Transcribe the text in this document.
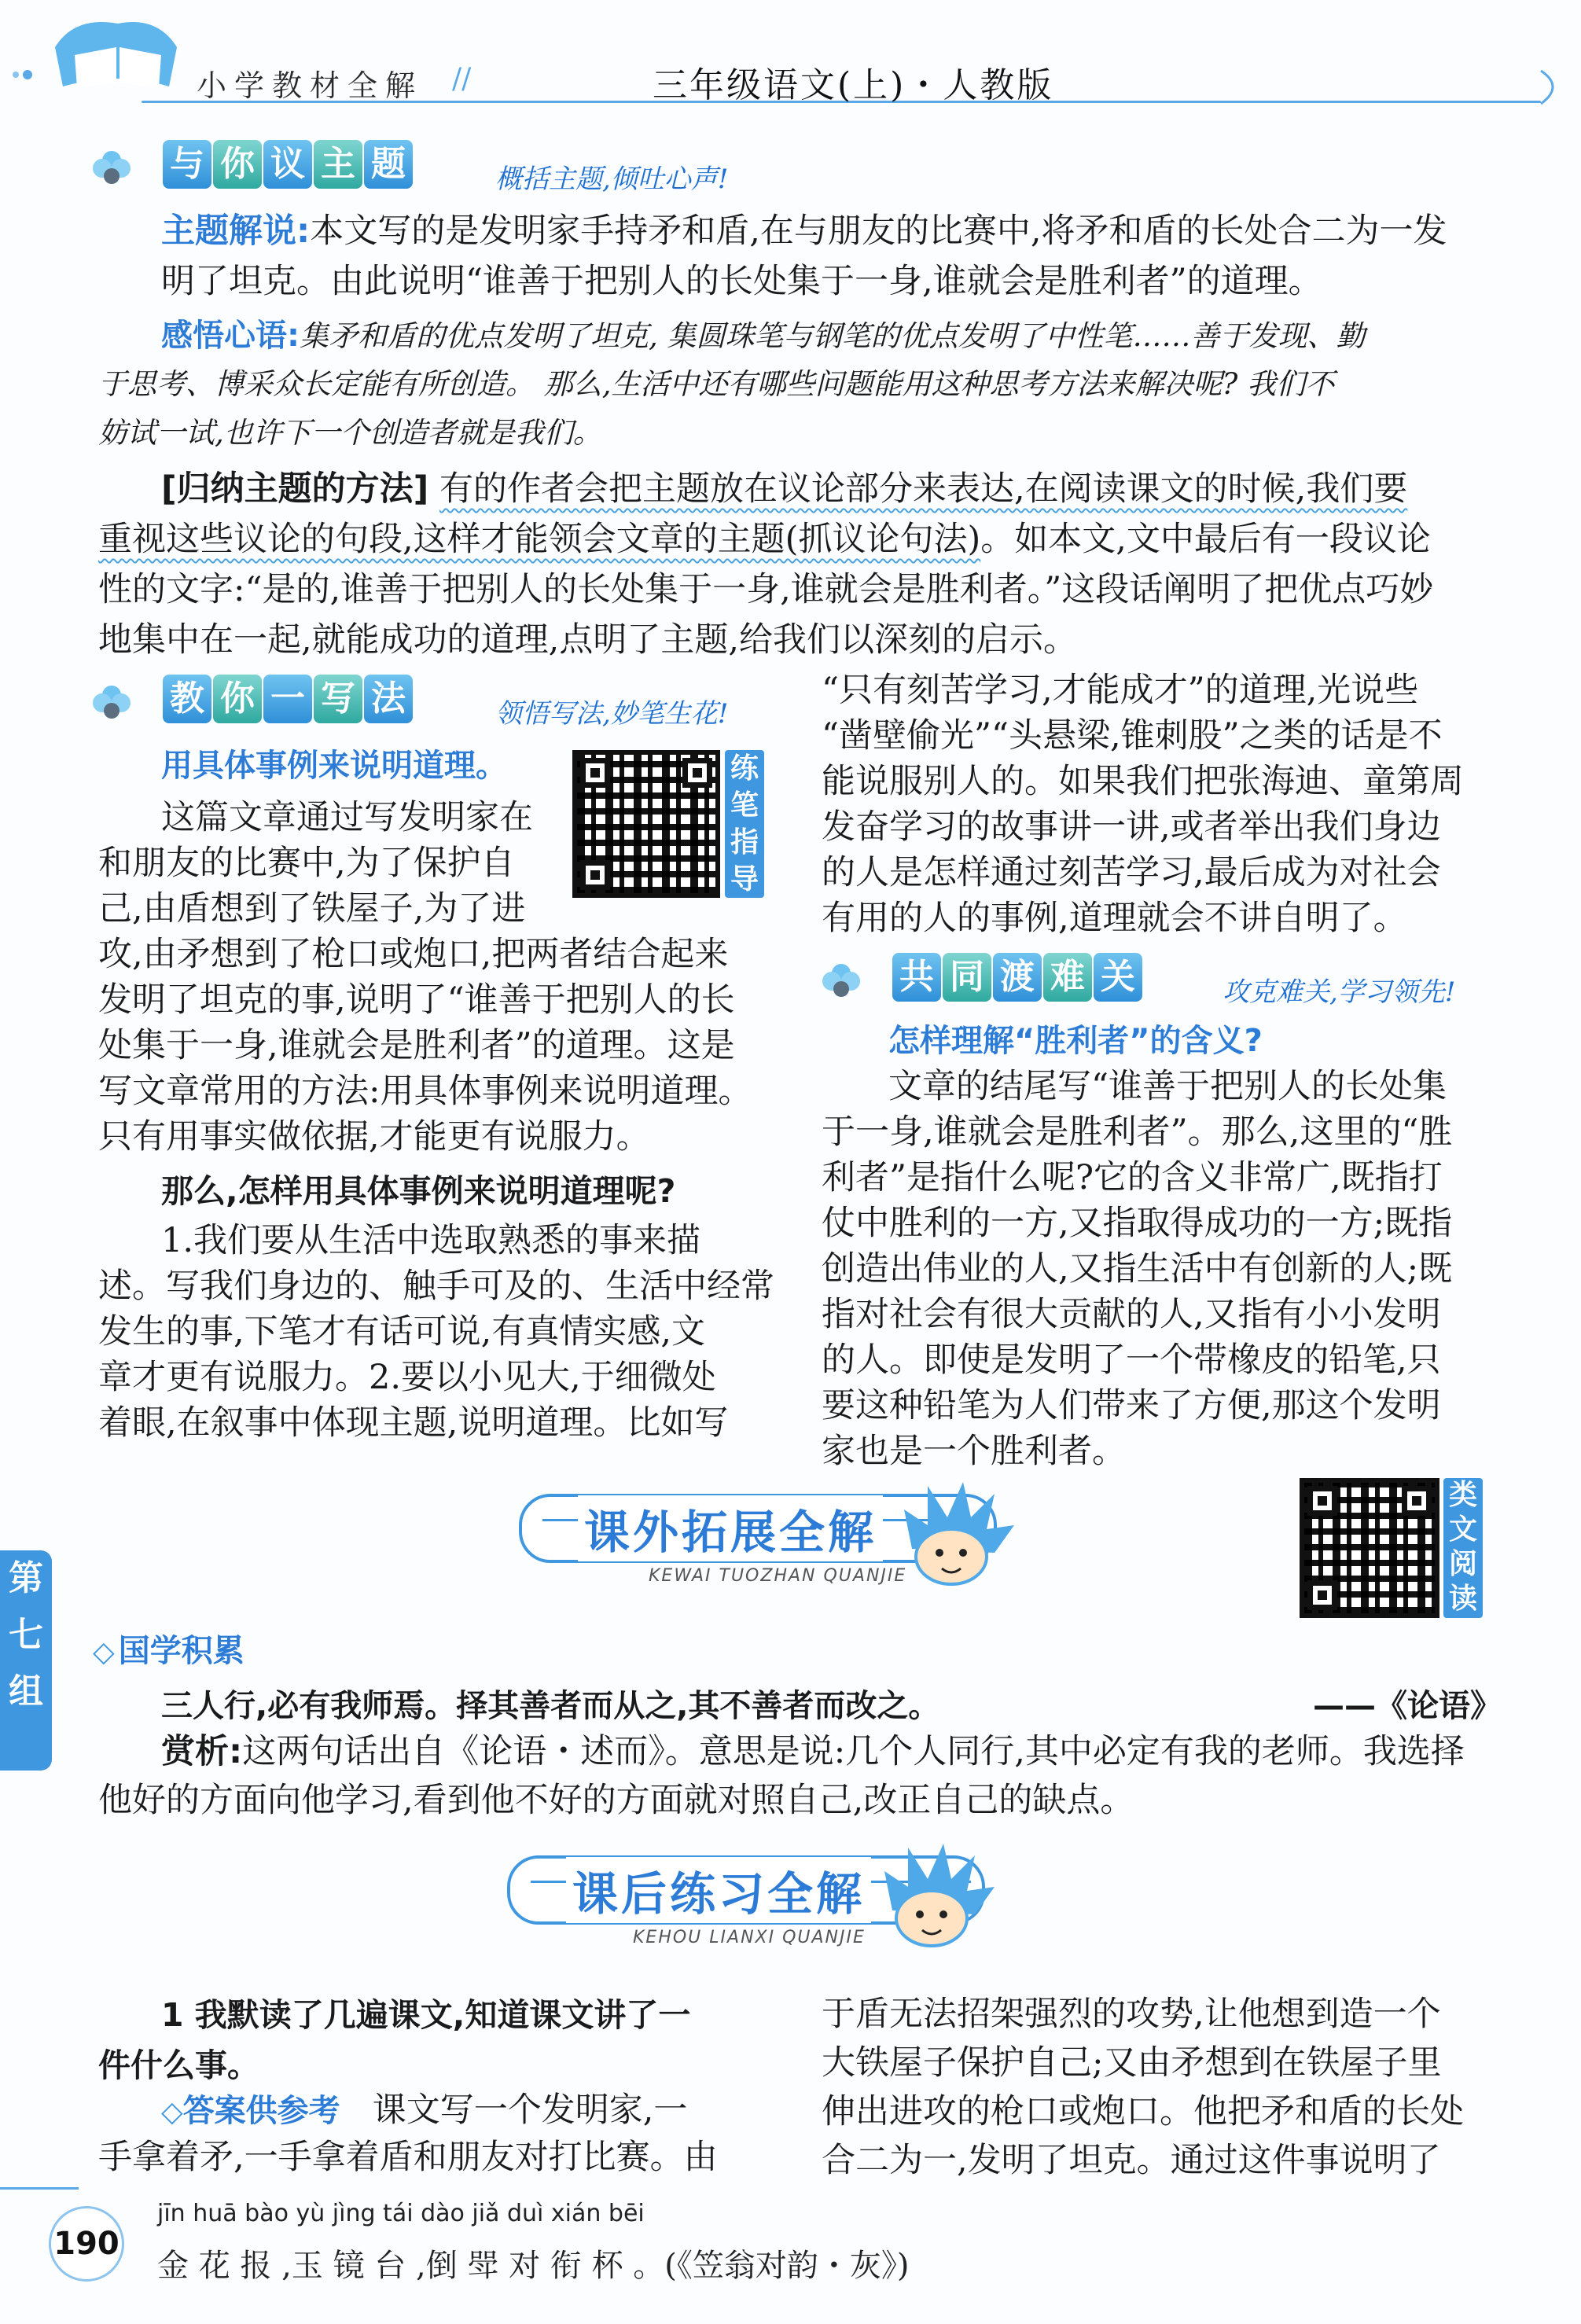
小学教材全解 //	三年级语文(上)・人教版
与 你 议 主 题	概括主题,倾吐心声!
主题解说:本文写的是发明家手持矛和盾,在与朋友的比赛中,将矛和盾的长处合二为一发
明了坦克。由此说明“谁善于把别人的长处集于一身,谁就会是胜利者”的道理。
感悟心语:集矛和盾的优点发明了坦克, 集圆珠笔与钢笔的优点发明了中性笔……善于发现、勤
于思考、博采众长定能有所创造。 那么,生活中还有哪些问题能用这种思考方法来解决呢? 我们不
妨试一试,也许下一个创造者就是我们。
[归纳主题的方法] 有的作者会把主题放在议论部分来表达,在阅读课文的时候,我们要
重视这些议论的句段,这样才能领会文章的主题(抓议论句法)。如本文,文中最后有一段议论
性的文字:“是的,谁善于把别人的长处集于一身,谁就会是胜利者。”这段话阐明了把优点巧妙
地集中在一起,就能成功的道理,点明了主题,给我们以深刻的启示。
教 你 一 写 法	领悟写法,妙笔生花!
用具体事例来说明道理。	练
笔
指
导
这篇文章通过写发明家在
和朋友的比赛中,为了保护自
己,由盾想到了铁屋子,为了进
攻,由矛想到了枪口或炮口,把两者结合起来
发明了坦克的事,说明了“谁善于把别人的长
处集于一身,谁就会是胜利者”的道理。这是
写文章常用的方法:用具体事例来说明道理。
只有用事实做依据,才能更有说服力。
那么,怎样用具体事例来说明道理呢?
1.我们要从生活中选取熟悉的事来描
述。写我们身边的、触手可及的、生活中经常
发生的事,下笔才有话可说,有真情实感,文
章才更有说服力。2.要以小见大,于细微处
着眼,在叙事中体现主题,说明道理。比如写
“只有刻苦学习,才能成才”的道理,光说些
“凿壁偷光”“头悬梁,锥刺股”之类的话是不
能说服别人的。如果我们把张海迪、童第周
发奋学习的故事讲一讲,或者举出我们身边
的人是怎样通过刻苦学习,最后成为对社会
有用的人的事例,道理就会不讲自明了。
共 同 渡 难 关	攻克难关,学习领先!
怎样理解“胜利者”的含义?
文章的结尾写“谁善于把别人的长处集
于一身,谁就会是胜利者”。那么,这里的“胜
利者”是指什么呢?它的含义非常广,既指打
仗中胜利的一方,又指取得成功的一方;既指
创造出伟业的人,又指生活中有创新的人;既
指对社会有很大贡献的人,又指有小小发明
的人。即使是发明了一个带橡皮的铅笔,只
要这种铅笔为人们带来了方便,那这个发明
家也是一个胜利者。
课外拓展全解
KEWAI TUOZHAN QUANJIE
类
文
阅
读
第
七
组
◇ 国学积累
三人行,必有我师焉。择其善者而从之,其不善者而改之。	——《论语》
赏析:这两句话出自《论语・述而》。意思是说:几个人同行,其中必定有我的老师。我选择
他好的方面向他学习,看到他不好的方面就对照自己,改正自己的缺点。
课后练习全解
KEHOU LIANXI QUANJIE
1 我默读了几遍课文,知道课文讲了一
件什么事。
◇答案供参考 课文写一个发明家,一
手拿着矛,一手拿着盾和朋友对打比赛。由
于盾无法招架强烈的攻势,让他想到造一个
大铁屋子保护自己;又由矛想到在铁屋子里
伸出进攻的枪口或炮口。他把矛和盾的长处
合二为一,发明了坦克。通过这件事说明了
190
jīn huā bào yù jìng tái dào jiǎ duì xián bēi
金 花 报 ,玉 镜 台 ,倒 斝 对 衔 杯 。(《笠翁对韵・灰》)
